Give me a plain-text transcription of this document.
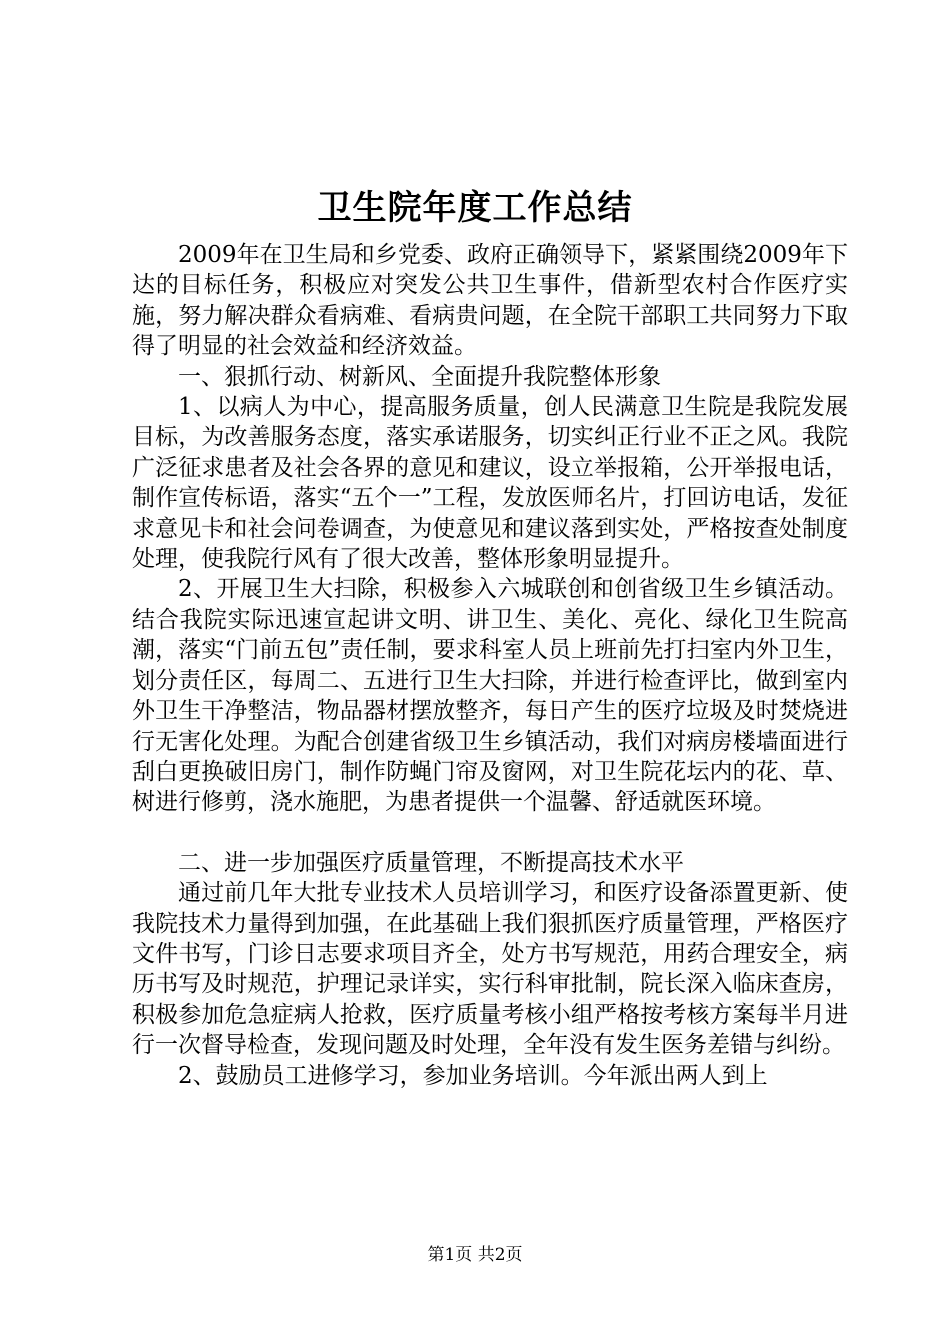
卫生院年度工作总结

2009年在卫生局和乡党委、政府正确领导下，紧紧围绕2009年下达的目标任务，积极应对突发公共卫生事件，借新型农村合作医疗实施，努力解决群众看病难、看病贵问题，在全院干部职工共同努力下取得了明显的社会效益和经济效益。

一、狠抓行动、树新风、全面提升我院整体形象

1、以病人为中心，提高服务质量，创人民满意卫生院是我院发展目标，为改善服务态度，落实承诺服务，切实纠正行业不正之风。我院广泛征求患者及社会各界的意见和建议，设立举报箱，公开举报电话，制作宣传标语，落实“五个一”工程，发放医师名片，打回访电话，发征求意见卡和社会问卷调查，为使意见和建议落到实处，严格按查处制度处理，使我院行风有了很大改善，整体形象明显提升。

2、开展卫生大扫除，积极参入六城联创和创省级卫生乡镇活动。结合我院实际迅速宣起讲文明、讲卫生、美化、亮化、绿化卫生院高潮，落实“门前五包”责任制，要求科室人员上班前先打扫室内外卫生，划分责任区，每周二、五进行卫生大扫除，并进行检查评比，做到室内外卫生干净整洁，物品器材摆放整齐，每日产生的医疗垃圾及时焚烧进行无害化处理。为配合创建省级卫生乡镇活动，我们对病房楼墙面进行刮白更换破旧房门，制作防蝇门帘及窗网，对卫生院花坛内的花、草、树进行修剪，浇水施肥，为患者提供一个温馨、舒适就医环境。

二、进一步加强医疗质量管理，不断提高技术水平

通过前几年大批专业技术人员培训学习，和医疗设备添置更新、使我院技术力量得到加强，在此基础上我们狠抓医疗质量管理，严格医疗文件书写，门诊日志要求项目齐全，处方书写规范，用药合理安全，病历书写及时规范，护理记录详实，实行科审批制，院长深入临床查房，积极参加危急症病人抢救，医疗质量考核小组严格按考核方案每半月进行一次督导检查，发现问题及时处理，全年没有发生医务差错与纠纷。

2、鼓励员工进修学习，参加业务培训。今年派出两人到上

第1页 共2页
